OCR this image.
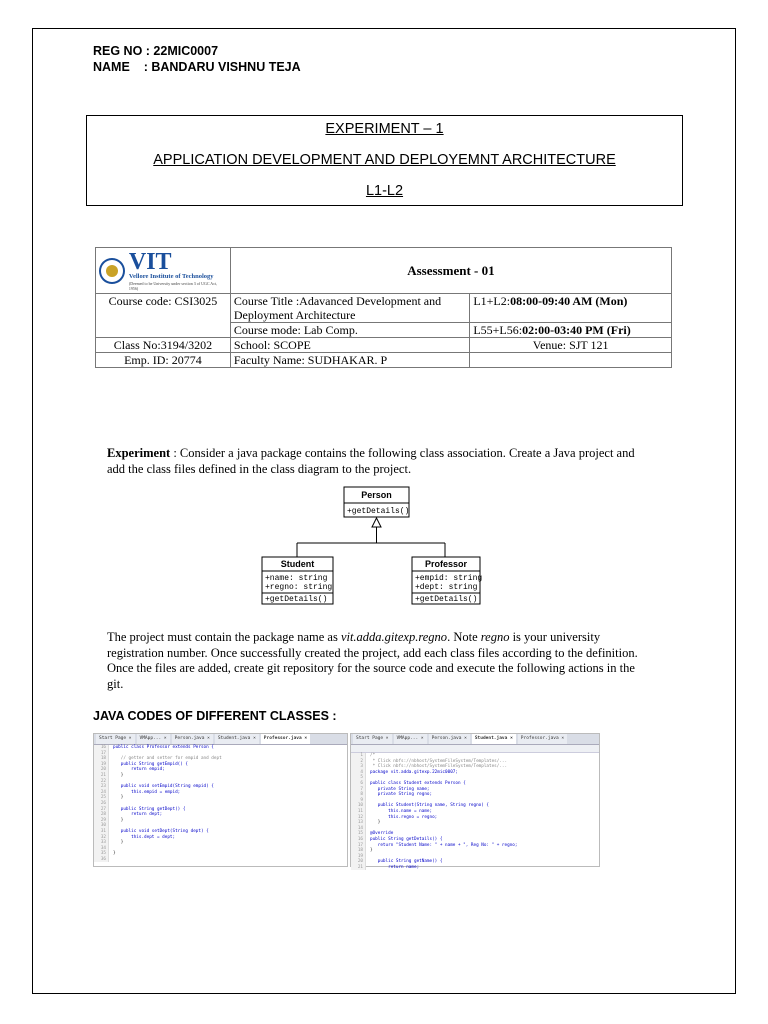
REG NO : 22MIC0007
NAME    : BANDARU VISHNU TEJA
EXPERIMENT – 1
APPLICATION DEVELOPMENT AND DEPLOYEMNT ARCHITECTURE
L1-L2
VIT
Vellore Institute of Technology
(Deemed to be University under section 3 of UGC Act, 1956)	Assessment - 01	
Course code: CSI3025	Course Title :Adavanced Development and Deployment Architecture	L1+L2:08:00-09:40 AM (Mon)
	Course mode: Lab Comp.	L55+L56:02:00-03:40 PM (Fri)
Class No:3194/3202	School: SCOPE	Venue: SJT 121
Emp. ID: 20774	Faculty Name: SUDHAKAR. P	
Experiment : Consider a java package contains the following class association. Create a Java project and add the class files defined in the class diagram to the project.
Person
+getDetails()
Student
+name: string
+regno: string
+getDetails()
Professor
+empid: string
+dept: string
+getDetails()
The project must contain the package name as vit.adda.gitexp.regno. Note regno is your university registration number. Once successfully created the project, add each class files according to the definition. Once the files are added, create git repository for the source code and execute the following actions in the git.
JAVA CODES OF DIFFERENT CLASSES :
Start Page ×	VMApp... ×	Person.java ×	Student.java ×	Professor.java ×
16
17
18
19
20
21
22
23
24
25
26
27
28
29
30
31
32
33
34
35
36
public class Professor extends Person {
// getter and setter for empid and dept
public String getEmpid() {
return empid;
}
public void setEmpid(String empid) {
this.empid = empid;
}
public String getDept() {
return dept;
}
public void setDept(String dept) {
this.dept = dept;
}
}
Start Page ×	VMApp... ×	Person.java ×	Student.java ×	Professor.java ×
1
2
3
4
5
6
7
8
9
10
11
12
13
14
15
16
17
18
19
20
21
/*
* Click nbfs://nbhost/SystemFileSystem/Templates/...
* Click nbfs://nbhost/SystemFileSystem/Templates/...
package vit.adda.gitexp.22mic0007;
public class Student extends Person {
private String name;
private String regno;
public Student(String name, String regno) {
this.name = name;
this.regno = regno;
}
@Override
public String getDetails() {
return "Student Name: " + name + ", Reg No: " + regno;
}
public String getName() {
return name;
